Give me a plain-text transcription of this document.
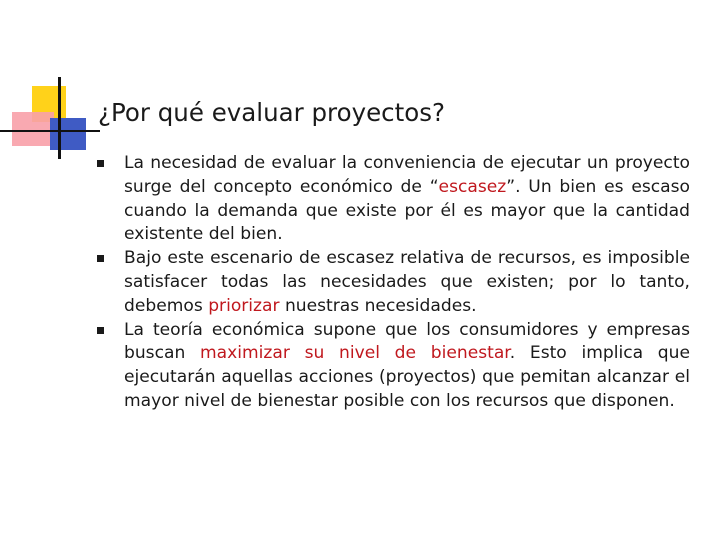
¿Por qué evaluar proyectos?
La necesidad de evaluar la conveniencia de ejecutar un proyecto surge del concepto económico de “escasez”. Un bien es escaso cuando la demanda que existe por él es mayor que la cantidad existente del bien.
Bajo este escenario de escasez relativa de recursos, es imposible satisfacer todas las necesidades que existen; por lo tanto, debemos priorizar nuestras necesidades.
La teoría económica supone que los consumidores y empresas buscan maximizar su nivel de bienestar. Esto implica que ejecutarán aquellas acciones (proyectos) que pemitan alcanzar el mayor nivel de bienestar posible con los recursos que disponen.
